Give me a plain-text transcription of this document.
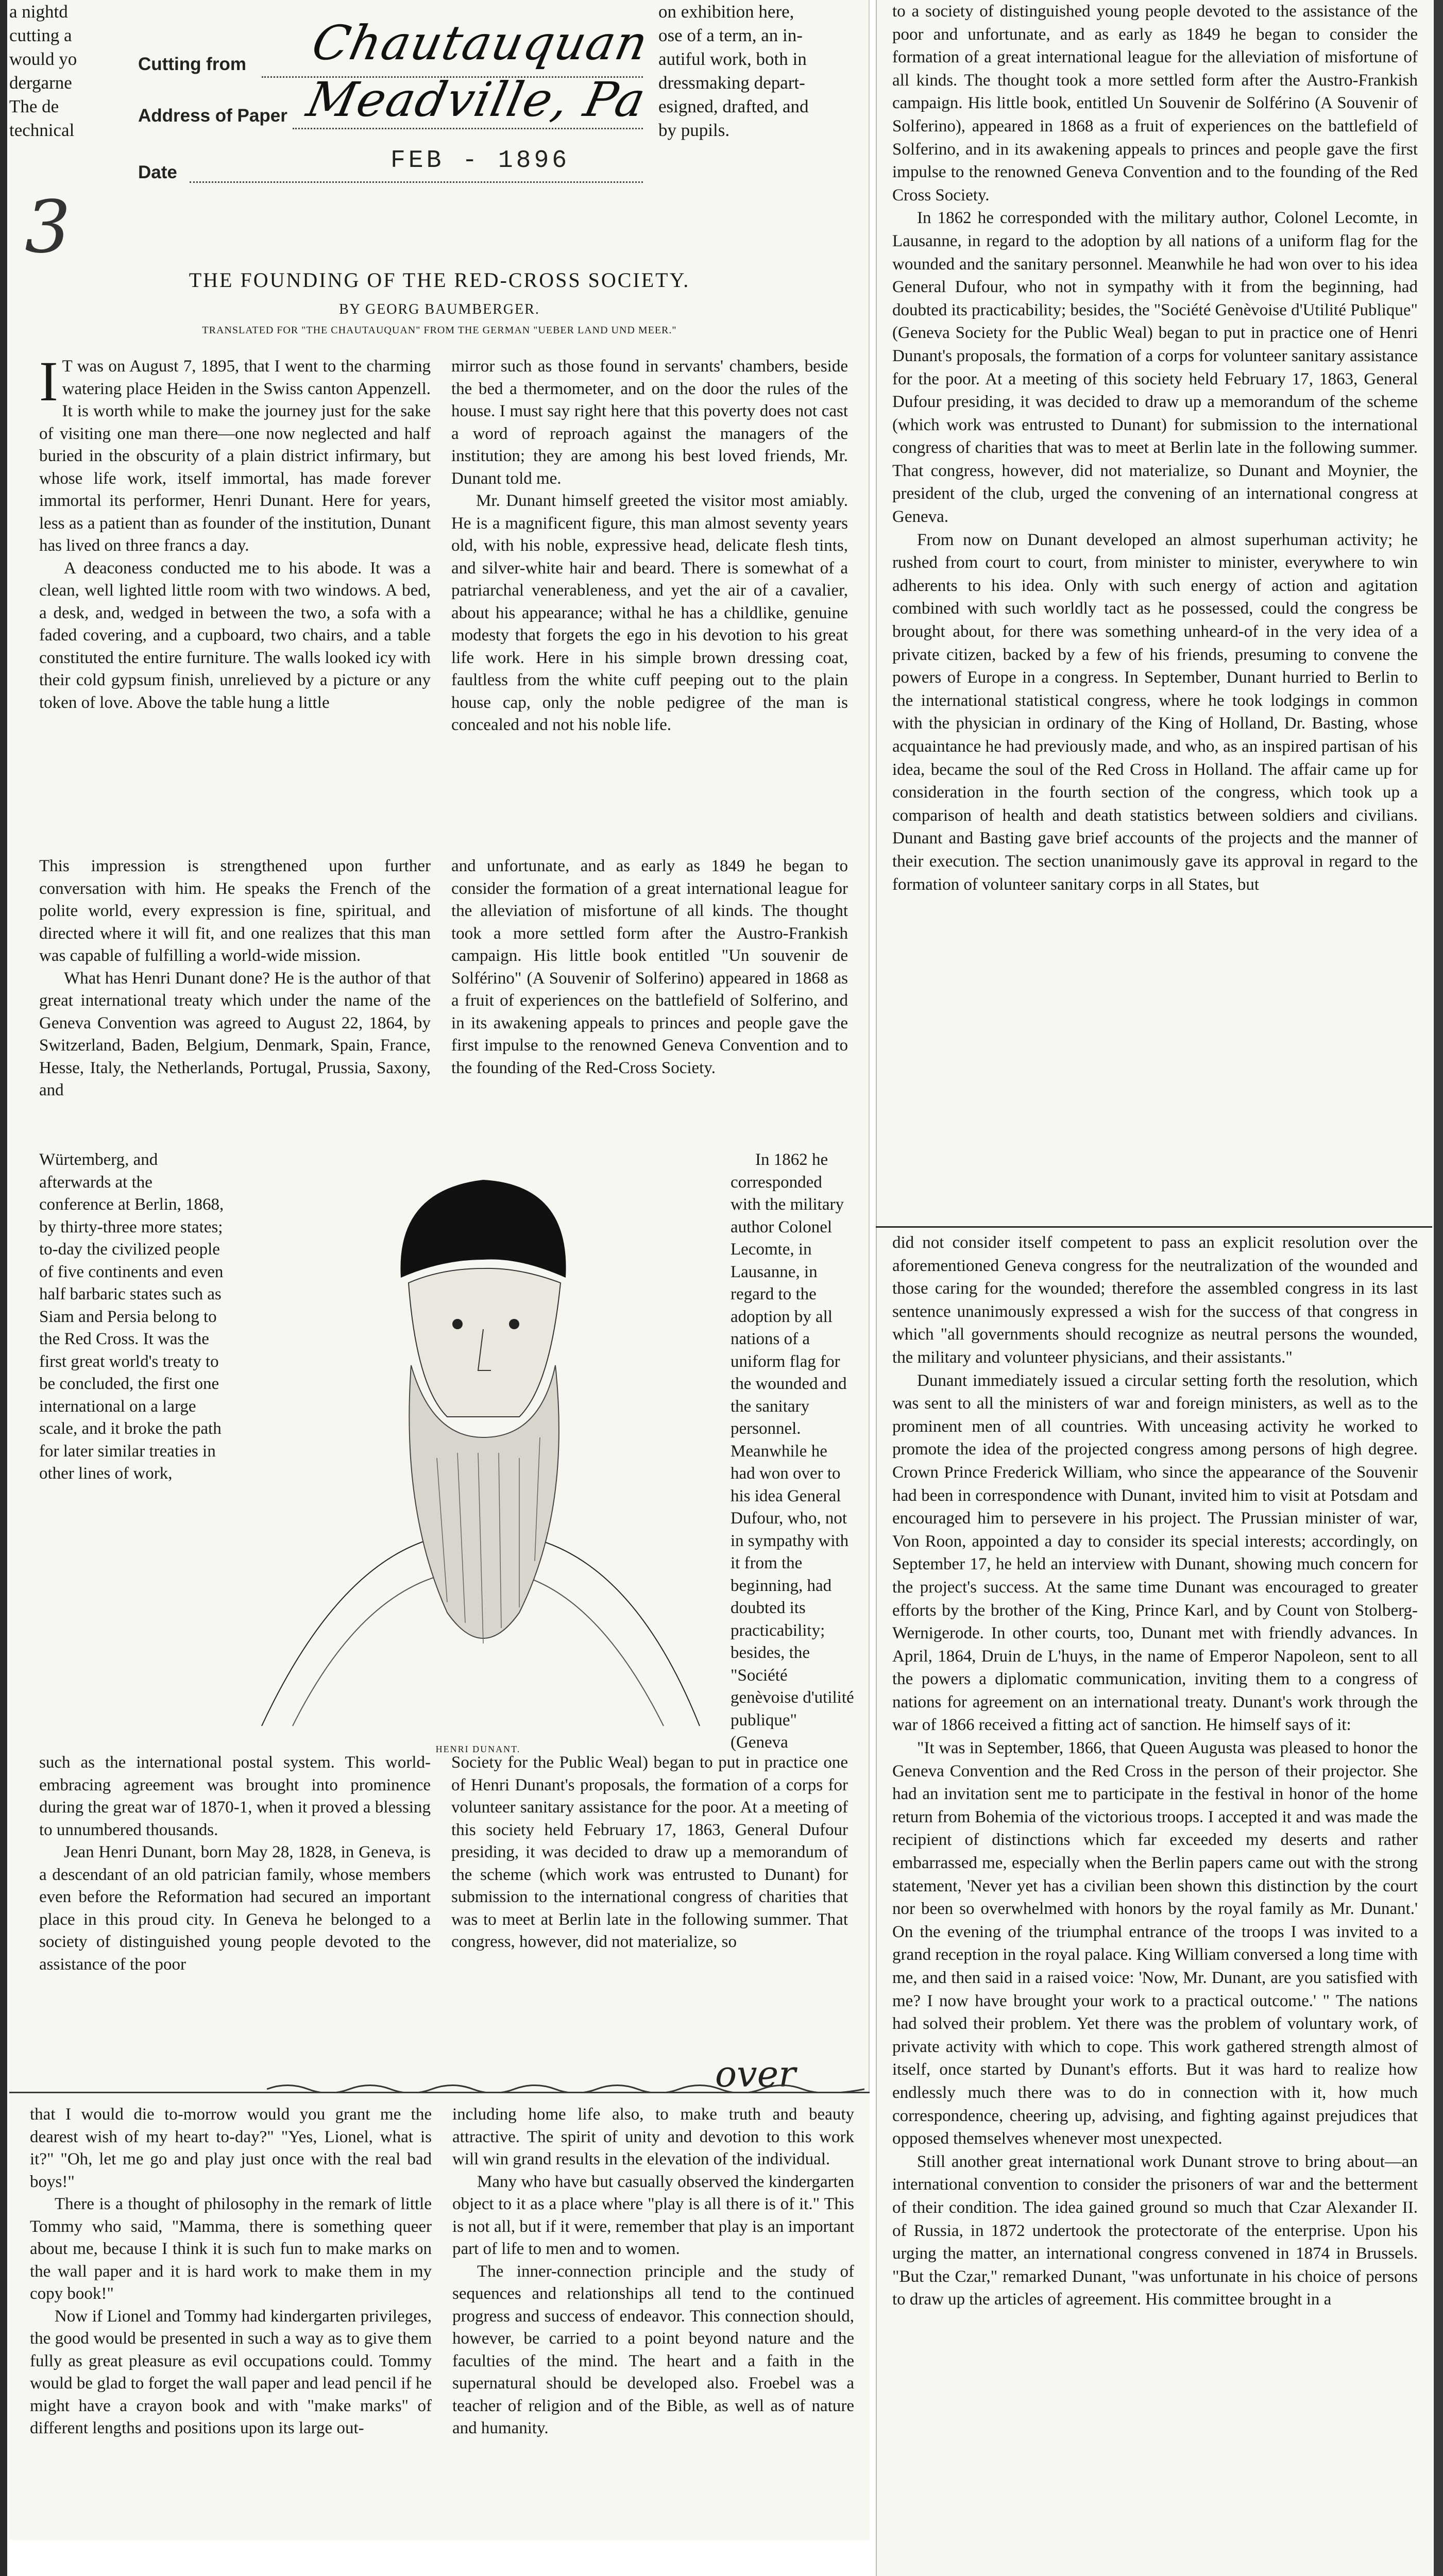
a nightd
cutting a
would yo
dergarne
The de
technical
on exhibition here,
ose of a term, an in-
autiful work, both in
dressmaking depart-
esigned, drafted, and
by pupils.
Cutting from Chautauquan
Address of Paper Meadville, Pa
Date	FEB - 1896
3
THE FOUNDING OF THE RED-CROSS SOCIETY.
BY GEORG BAUMBERGER.
TRANSLATED FOR "THE CHAUTAUQUAN" FROM THE GERMAN "UEBER LAND UND MEER."

I T was on August 7, 1895, that I went to the charming watering place Heiden in the Swiss canton Appenzell. It is worth while to make the journey just for the sake of visiting one man there—one now neglected and half buried in the obscurity of a plain district infirmary, but whose life work, itself immortal, has made forever immortal its performer, Henri Dunant. Here for years, less as a patient than as founder of the institution, Dunant has lived on three francs a day.

A deaconess conducted me to his abode. It was a clean, well lighted little room with two windows. A bed, a desk, and, wedged in between the two, a sofa with a faded covering, and a cupboard, two chairs, and a table constituted the entire furniture. The walls looked icy with their cold gypsum finish, unrelieved by a picture or any token of love. Above the table hung a little

mirror such as those found in servants' chambers, beside the bed a thermometer, and on the door the rules of the house. I must say right here that this poverty does not cast a word of reproach against the managers of the institution; they are among his best loved friends, Mr. Dunant told me.

Mr. Dunant himself greeted the visitor most amiably. He is a magnificent figure, this man almost seventy years old, with his noble, expressive head, delicate flesh tints, and silver-white hair and beard. There is somewhat of a patriarchal venerableness, and yet the air of a cavalier, about his appearance; withal he has a childlike, genuine modesty that forgets the ego in his devotion to his great life work. Here in his simple brown dressing coat, faultless from the white cuff peeping out to the plain house cap, only the noble pedigree of the man is concealed and not his noble life.

This impression is strengthened upon further conversation with him. He speaks the French of the polite world, every expression is fine, spiritual, and directed where it will fit, and one realizes that this man was capable of fulfilling a world-wide mission.

What has Henri Dunant done? He is the author of that great international treaty which under the name of the Geneva Convention was agreed to August 22, 1864, by Switzerland, Baden, Belgium, Denmark, Spain, France, Hesse, Italy, the Netherlands, Portugal, Prussia, Saxony, and

Würtemberg, and afterwards at the conference at Berlin, 1868, by thirty-three more states; to-day the civilized people of five continents and even half barbaric states such as Siam and Persia belong to the Red Cross. It was the first great world's treaty to be concluded, the first one international on a large scale, and it broke the path for later similar treaties in other lines of work,

such as the international postal system. This world-embracing agreement was brought into prominence during the great war of 1870-1, when it proved a blessing to unnumbered thousands.

Jean Henri Dunant, born May 28, 1828, in Geneva, is a descendant of an old patrician family, whose members even before the Reformation had secured an important place in this proud city. In Geneva he belonged to a society of distinguished young people devoted to the assistance of the poor

and unfortunate, and as early as 1849 he began to consider the formation of a great international league for the alleviation of misfortune of all kinds. The thought took a more settled form after the Austro-Frankish campaign. His little book entitled "Un souvenir de Solférino" (A Souvenir of Solferino) appeared in 1868 as a fruit of experiences on the battlefield of Solferino, and in its awakening appeals to princes and people gave the first impulse to the renowned Geneva Convention and to the founding of the Red-Cross Society.

In 1862 he corresponded with the military author Colonel Lecomte, in Lausanne, in regard to the adoption by all nations of a uniform flag for the wounded and the sanitary personnel. Meanwhile he had won over to his idea General Dufour, who, not in sympathy with it from the beginning, had doubted its practicability; besides, the "Société genèvoise d'utilité publique" (Geneva

Society for the Public Weal) began to put in practice one of Henri Dunant's proposals, the formation of a corps for volunteer sanitary assistance for the poor. At a meeting of this society held February 17, 1863, General Dufour presiding, it was decided to draw up a memorandum of the scheme (which work was entrusted to Dunant) for submission to the international congress of charities that was to meet at Berlin late in the following summer. That congress, however, did not materialize, so

HENRI DUNANT.
over

that I would die to-morrow would you grant me the dearest wish of my heart to-day?" "Yes, Lionel, what is it?" "Oh, let me go and play just once with the real bad boys!"

There is a thought of philosophy in the remark of little Tommy who said, "Mamma, there is something queer about me, because I think it is such fun to make marks on the wall paper and it is hard work to make them in my copy book!"

Now if Lionel and Tommy had kindergarten privileges, the good would be presented in such a way as to give them fully as great pleasure as evil occupations could. Tommy would be glad to forget the wall paper and lead pencil if he might have a crayon book and with "make marks" of different lengths and positions upon its large out-

including home life also, to make truth and beauty attractive. The spirit of unity and devotion to this work will win grand results in the elevation of the individual.

Many who have but casually observed the kindergarten object to it as a place where "play is all there is of it." This is not all, but if it were, remember that play is an important part of life to men and to women.

The inner-connection principle and the study of sequences and relationships all tend to the continued progress and success of endeavor. This connection should, however, be carried to a point beyond nature and the faculties of the mind. The heart and a faith in the supernatural should be developed also. Froebel was a teacher of religion and of the Bible, as well as of nature and humanity.

to a society of distinguished young people devoted to the assistance of the poor and unfortunate, and as early as 1849 he began to consider the formation of a great international league for the alleviation of misfortune of all kinds. The thought took a more settled form after the Austro-Frankish campaign. His little book, entitled Un Souvenir de Solférino (A Souvenir of Solferino), appeared in 1868 as a fruit of experiences on the battlefield of Solferino, and in its awakening appeals to princes and people gave the first impulse to the renowned Geneva Convention and to the founding of the Red Cross Society.

In 1862 he corresponded with the military author, Colonel Lecomte, in Lausanne, in regard to the adoption by all nations of a uniform flag for the wounded and the sanitary personnel. Meanwhile he had won over to his idea General Dufour, who not in sympathy with it from the beginning, had doubted its practicability; besides, the "Société Genèvoise d'Utilité Publique" (Geneva Society for the Public Weal) began to put in practice one of Henri Dunant's proposals, the formation of a corps for volunteer sanitary assistance for the poor. At a meeting of this society held February 17, 1863, General Dufour presiding, it was decided to draw up a memorandum of the scheme (which work was entrusted to Dunant) for submission to the international congress of charities that was to meet at Berlin late in the following summer. That congress, however, did not materialize, so Dunant and Moynier, the president of the club, urged the convening of an international congress at Geneva.

From now on Dunant developed an almost superhuman activity; he rushed from court to court, from minister to minister, everywhere to win adherents to his idea. Only with such energy of action and agitation combined with such worldly tact as he possessed, could the congress be brought about, for there was something unheard-of in the very idea of a private citizen, backed by a few of his friends, presuming to convene the powers of Europe in a congress. In September, Dunant hurried to Berlin to the international statistical congress, where he took lodgings in common with the physician in ordinary of the King of Holland, Dr. Basting, whose acquaintance he had previously made, and who, as an inspired partisan of his idea, became the soul of the Red Cross in Holland. The affair came up for consideration in the fourth section of the congress, which took up a comparison of health and death statistics between soldiers and civilians. Dunant and Basting gave brief accounts of the projects and the manner of their execution. The section unanimously gave its approval in regard to the formation of volunteer sanitary corps in all States, but

did not consider itself competent to pass an explicit resolution over the aforementioned Geneva congress for the neutralization of the wounded and those caring for the wounded; therefore the assembled congress in its last sentence unanimously expressed a wish for the success of that congress in which "all governments should recognize as neutral persons the wounded, the military and volunteer physicians, and their assistants."

Dunant immediately issued a circular setting forth the resolution, which was sent to all the ministers of war and foreign ministers, as well as to the prominent men of all countries. With unceasing activity he worked to promote the idea of the projected congress among persons of high degree. Crown Prince Frederick William, who since the appearance of the Souvenir had been in correspondence with Dunant, invited him to visit at Potsdam and encouraged him to persevere in his project. The Prussian minister of war, Von Roon, appointed a day to consider its special interests; accordingly, on September 17, he held an interview with Dunant, showing much concern for the project's success. At the same time Dunant was encouraged to greater efforts by the brother of the King, Prince Karl, and by Count von Stolberg-Wernigerode. In other courts, too, Dunant met with friendly advances. In April, 1864, Druin de L'huys, in the name of Emperor Napoleon, sent to all the powers a diplomatic communication, inviting them to a congress of nations for agreement on an international treaty. Dunant's work through the war of 1866 received a fitting act of sanction. He himself says of it:

"It was in September, 1866, that Queen Augusta was pleased to honor the Geneva Convention and the Red Cross in the person of their projector. She had an invitation sent me to participate in the festival in honor of the home return from Bohemia of the victorious troops. I accepted it and was made the recipient of distinctions which far exceeded my deserts and rather embarrassed me, especially when the Berlin papers came out with the strong statement, 'Never yet has a civilian been shown this distinction by the court nor been so overwhelmed with honors by the royal family as Mr. Dunant.' On the evening of the triumphal entrance of the troops I was invited to a grand reception in the royal palace. King William conversed a long time with me, and then said in a raised voice: 'Now, Mr. Dunant, are you satisfied with me? I now have brought your work to a practical outcome.' " The nations had solved their problem. Yet there was the problem of voluntary work, of private activity with which to cope. This work gathered strength almost of itself, once started by Dunant's efforts. But it was hard to realize how endlessly much there was to do in connection with it, how much correspondence, cheering up, advising, and fighting against prejudices that opposed themselves whenever most unexpected.

Still another great international work Dunant strove to bring about—an international convention to consider the prisoners of war and the betterment of their condition. The idea gained ground so much that Czar Alexander II. of Russia, in 1872 undertook the protectorate of the enterprise. Upon his urging the matter, an international congress convened in 1874 in Brussels. "But the Czar," remarked Dunant, "was unfortunate in his choice of persons to draw up the articles of agreement. His committee brought in a
